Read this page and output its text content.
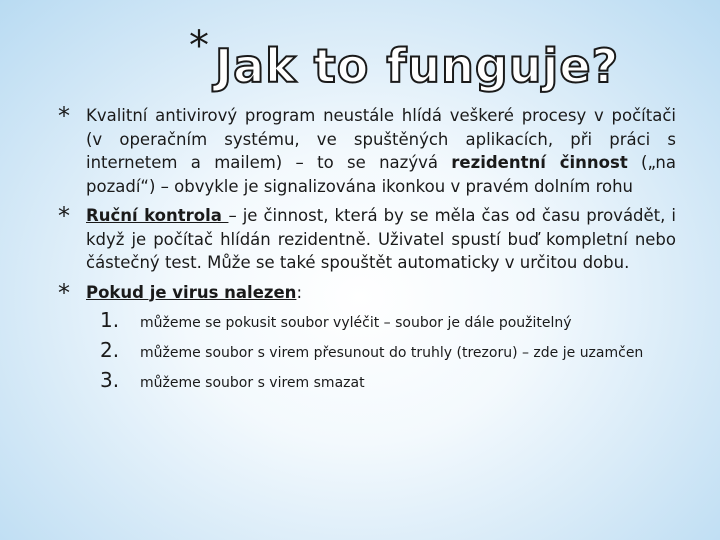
* Jak to funguje?
* Kvalitní antivirový program neustále hlídá veškeré procesy v počítači (v operačním systému, ve spuštěných aplikacích, při práci s internetem a mailem) – to se nazývá rezidentní činnost („na pozadí“) – obvykle je signalizována ikonkou v pravém dolním rohu
* Ruční kontrola – je činnost, která by se měla čas od času provádět, i když je počítač hlídán rezidentně. Uživatel spustí buď kompletní nebo částečný test. Může se také spouštět automaticky v určitou dobu.
* Pokud je virus nalezen:
1.	můžeme se pokusit soubor vyléčit – soubor je dále použitelný
2.	můžeme soubor s virem přesunout do truhly (trezoru) – zde je uzamčen
3.	můžeme soubor s virem smazat
